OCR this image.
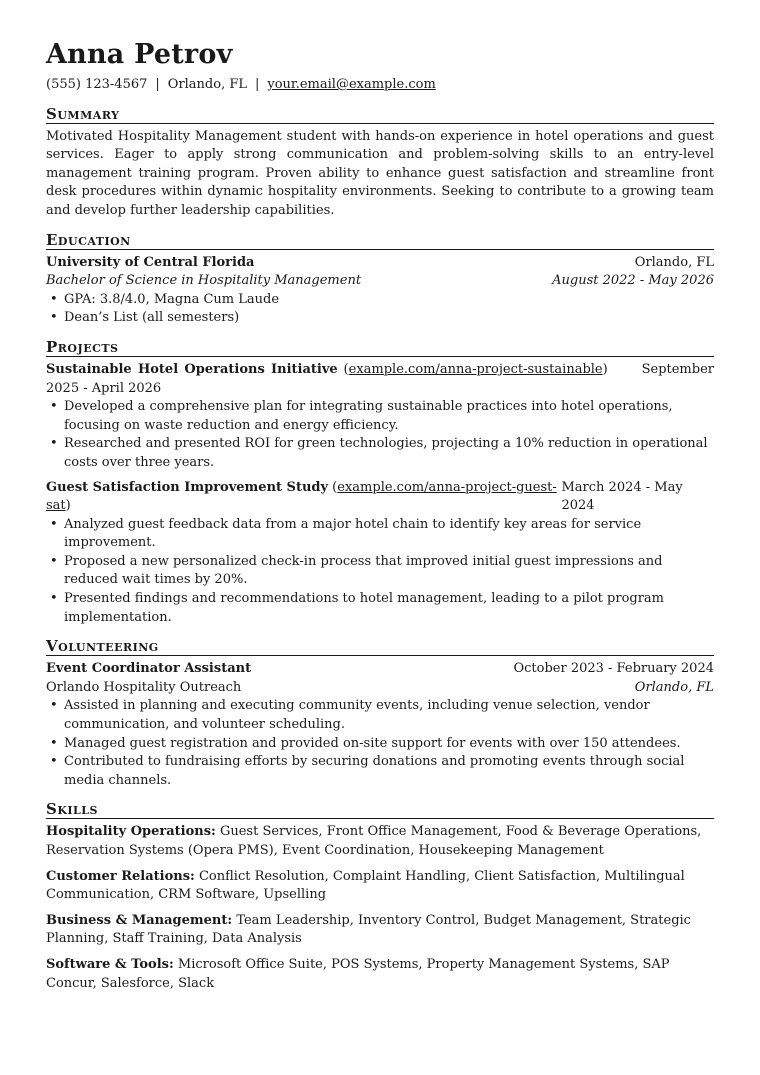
Anna Petrov
(555) 123-4567 | Orlando, FL | your.email@example.com
Summary
Motivated Hospitality Management student with hands-on experience in hotel operations and guest services. Eager to apply strong communication and problem-solving skills to an entry-level management training program. Proven ability to enhance guest satisfaction and streamline front desk procedures within dynamic hospitality environments. Seeking to contribute to a growing team and develop further leadership capabilities.
Education
University of Central Florida	Orlando, FL
Bachelor of Science in Hospitality Management	August 2022 - May 2026
• GPA: 3.8/4.0, Magna Cum Laude
• Dean’s List (all semesters)
Projects
Sustainable Hotel Operations Initiative (example.com/anna-project-sustainable) September 2025 - April 2026
• Developed a comprehensive plan for integrating sustainable practices into hotel operations, focusing on waste reduction and energy efficiency.
• Researched and presented ROI for green technologies, projecting a 10% reduction in operational costs over three years.
Guest Satisfaction Improvement Study (example.com/anna-project-guest-sat)
March 2024 - May 2024
• Analyzed guest feedback data from a major hotel chain to identify key areas for service improvement.
• Proposed a new personalized check-in process that improved initial guest impressions and reduced wait times by 20%.
• Presented findings and recommendations to hotel management, leading to a pilot program implementation.
Volunteering
Event Coordinator Assistant	October 2023 - February 2024
Orlando Hospitality Outreach	Orlando, FL
• Assisted in planning and executing community events, including venue selection, vendor communication, and volunteer scheduling.
• Managed guest registration and provided on-site support for events with over 150 attendees.
• Contributed to fundraising efforts by securing donations and promoting events through social media channels.
Skills
Hospitality Operations: Guest Services, Front Office Management, Food & Beverage Operations, Reservation Systems (Opera PMS), Event Coordination, Housekeeping Management
Customer Relations: Conflict Resolution, Complaint Handling, Client Satisfaction, Multilingual Communication, CRM Software, Upselling
Business & Management: Team Leadership, Inventory Control, Budget Management, Strategic Planning, Staff Training, Data Analysis
Software & Tools: Microsoft Office Suite, POS Systems, Property Management Systems, SAP Concur, Salesforce, Slack
